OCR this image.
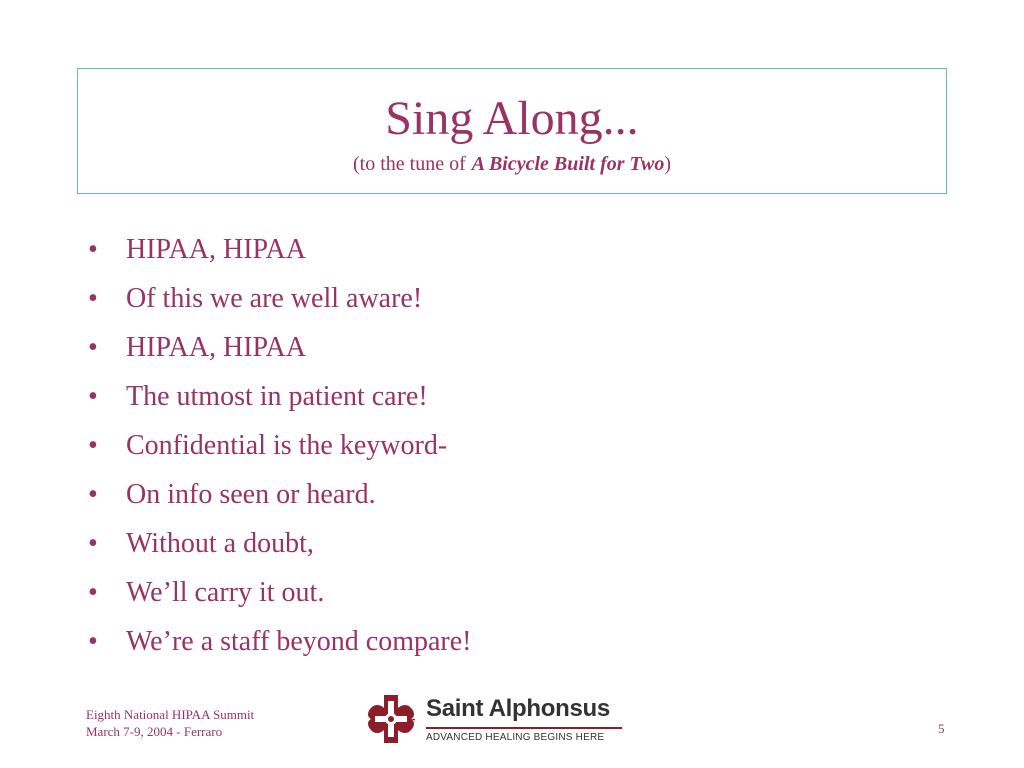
Sing Along...
(to the tune of A Bicycle Built for Two)
•	HIPAA, HIPAA
•	Of this we are well aware!
•	HIPAA, HIPAA
•	The utmost in patient care!
•	Confidential is the keyword-
•	On info seen or heard.
•	Without a doubt,
•	We’ll carry it out.
•	We’re a staff beyond compare!
Eighth National HIPAA Summit
March 7-9, 2004 - Ferraro
Saint Alphonsus
ADVANCED HEALING BEGINS HERE
5
